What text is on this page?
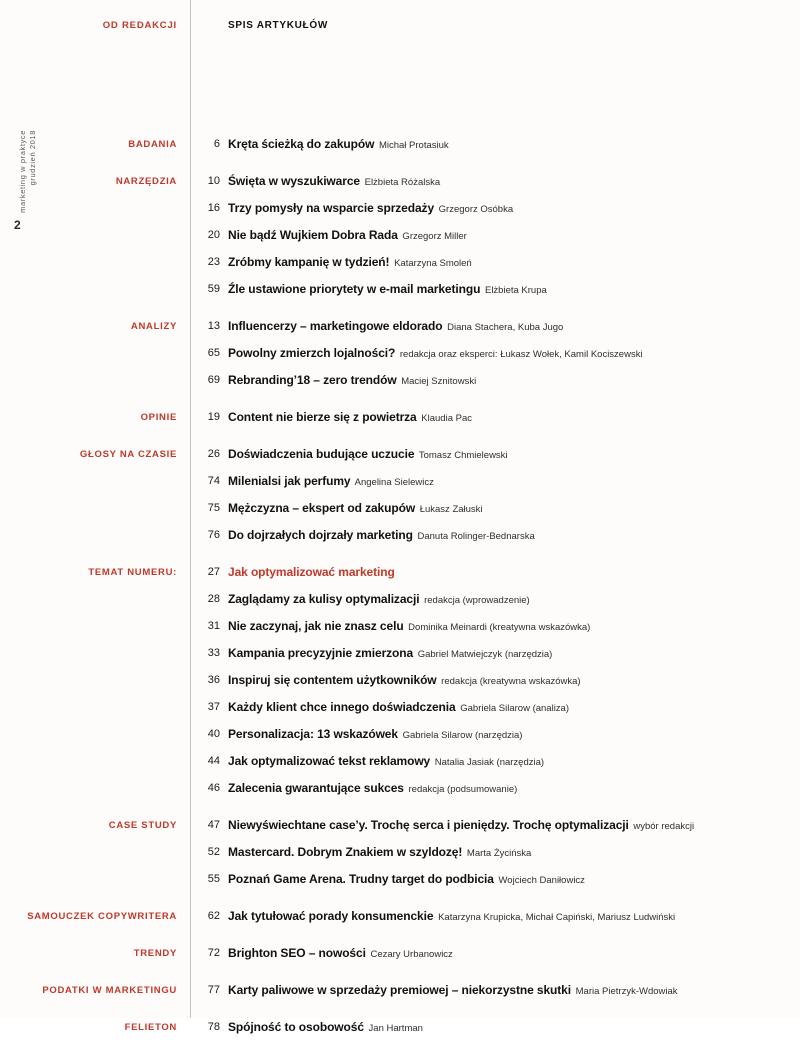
OD REDAKCJI	SPIS ARTYKUŁÓW
marketing w praktyce grudzień 2018
2
BADANIA	6 Kręta ścieżką do zakupów Michał Protasiuk
NARZĘDZIA	10 Święta w wyszukiwarce Elżbieta Różalska
16 Trzy pomysły na wsparcie sprzedaży Grzegorz Osóbka
20 Nie bądź Wujkiem Dobra Rada Grzegorz Miller
23 Zróbmy kampanię w tydzień! Katarzyna Smoleń
59 Źle ustawione priorytety w e-mail marketingu Elżbieta Krupa
ANALIZY	13 Influencerzy – marketingowe eldorado Diana Stachera, Kuba Jugo
65 Powolny zmierzch lojalności? redakcja oraz eksperci: Łukasz Wołek, Kamil Kociszewski
69 Rebranding’18 – zero trendów Maciej Sznitowski
OPINIE	19 Content nie bierze się z powietrza Klaudia Pac
GŁOSY NA CZASIE	26 Doświadczenia budujące uczucie Tomasz Chmielewski
74 Milenialsi jak perfumy Angelina Sielewicz
75 Mężczyzna – ekspert od zakupów Łukasz Załuski
76 Do dojrzałych dojrzały marketing Danuta Rolinger-Bednarska
TEMAT NUMERU:	27 Jak optymalizować marketing
28 Zaglądamy za kulisy optymalizacji redakcja (wprowadzenie)
31 Nie zaczynaj, jak nie znasz celu Dominika Meinardi (kreatywna wskazówka)
33 Kampania precyzyjnie zmierzona Gabriel Matwiejczyk (narzędzia)
36 Inspiruj się contentem użytkowników redakcja (kreatywna wskazówka)
37 Każdy klient chce innego doświadczenia Gabriela Silarow (analiza)
40 Personalizacja: 13 wskazówek Gabriela Silarow (narzędzia)
44 Jak optymalizować tekst reklamowy Natalia Jasiak (narzędzia)
46 Zalecenia gwarantujące sukces redakcja (podsumowanie)
CASE STUDY	47 Niewyświechtane case’y. Trochę serca i pieniędzy. Trochę optymalizacji wybór redakcji
52 Mastercard. Dobrym Znakiem w szyldozę! Marta Życińska
55 Poznań Game Arena. Trudny target do podbicia Wojciech Daniłowicz
SAMOUCZEK COPYWRITERA	62 Jak tytułować porady konsumenckie Katarzyna Krupicka, Michał Capiński, Mariusz Ludwiński
TRENDY	72 Brighton SEO – nowości Cezary Urbanowicz
PODATKI W MARKETINGU	77 Karty paliwowe w sprzedaży premiowej – niekorzystne skutki Maria Pietrzyk-Wdowiak
FELIETON	78 Spójność to osobowość Jan Hartman
